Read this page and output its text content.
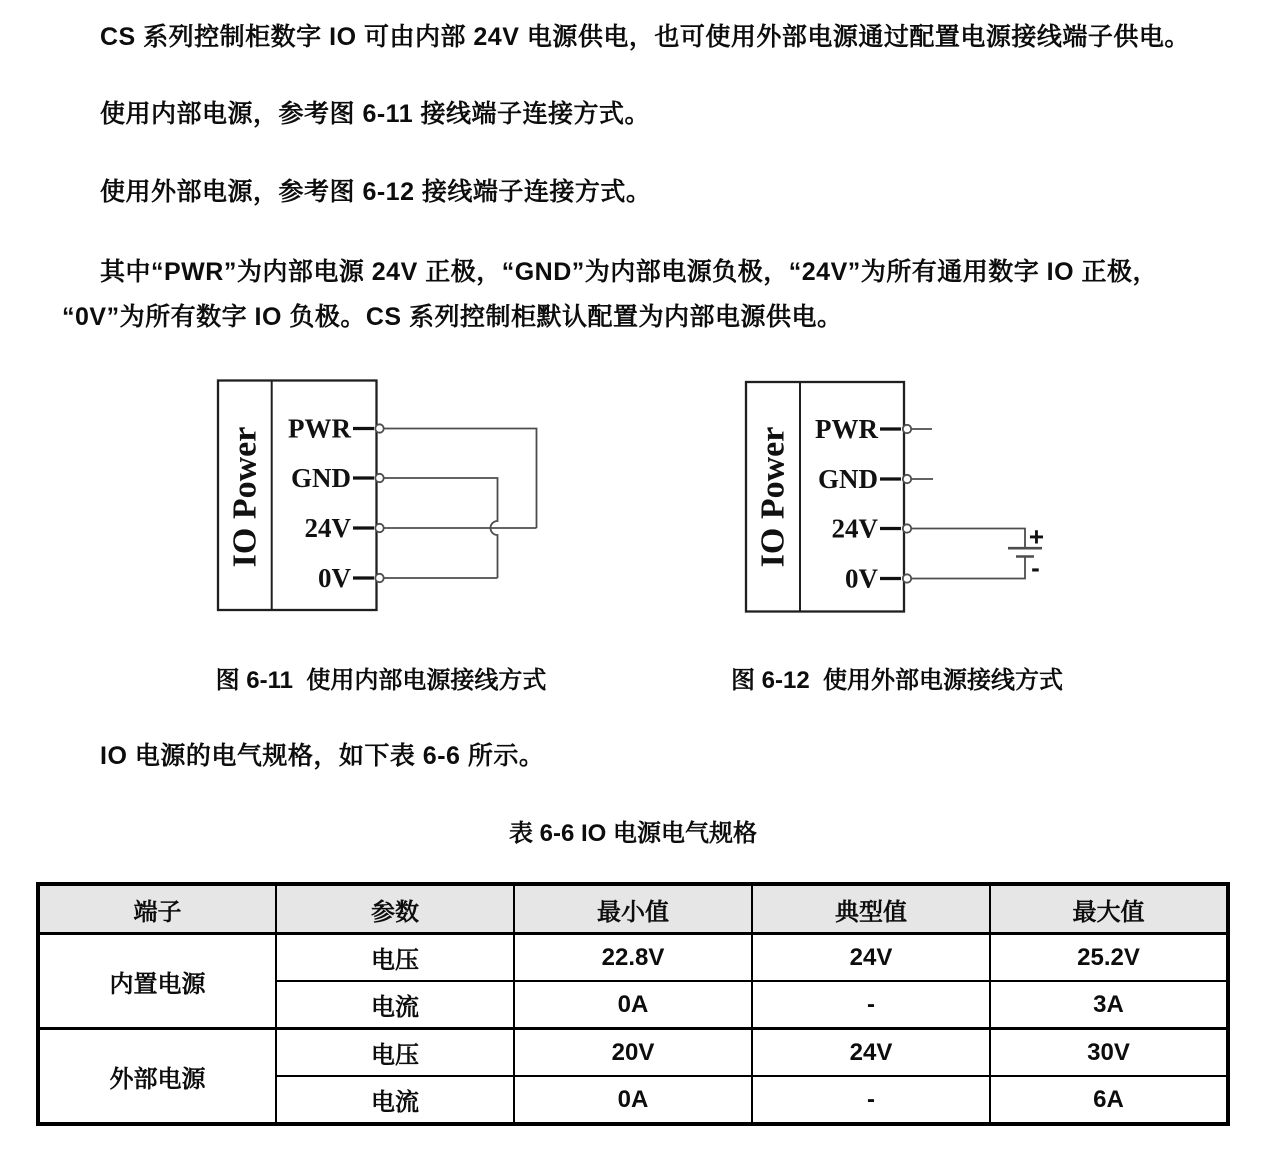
CS 系列控制柜数字 IO 可由内部 24V 电源供电，也可使用外部电源通过配置电源接线端子供电。
使用内部电源，参考图 6-11 接线端子连接方式。
使用外部电源，参考图 6-12 接线端子连接方式。
其中“PWR”为内部电源 24V 正极，“GND”为内部电源负极，“24V”为所有通用数字 IO 正极，
“0V”为所有数字 IO 负极。CS 系列控制柜默认配置为内部电源供电。
IO Power PWR
GND
24V
0V
IO Power PWR
GND
24V
0V
+
-
图 6-11  使用内部电源接线方式	图 6-12  使用外部电源接线方式
IO 电源的电气规格，如下表 6-6 所示。
表 6-6 IO 电源电气规格
端子	参数	最小值	典型值	最大值
内置电源	电压	22.8V	24V	25.2V
	电流	0A	-	3A
外部电源	电压	20V	24V	30V
	电流	0A	-	6A
